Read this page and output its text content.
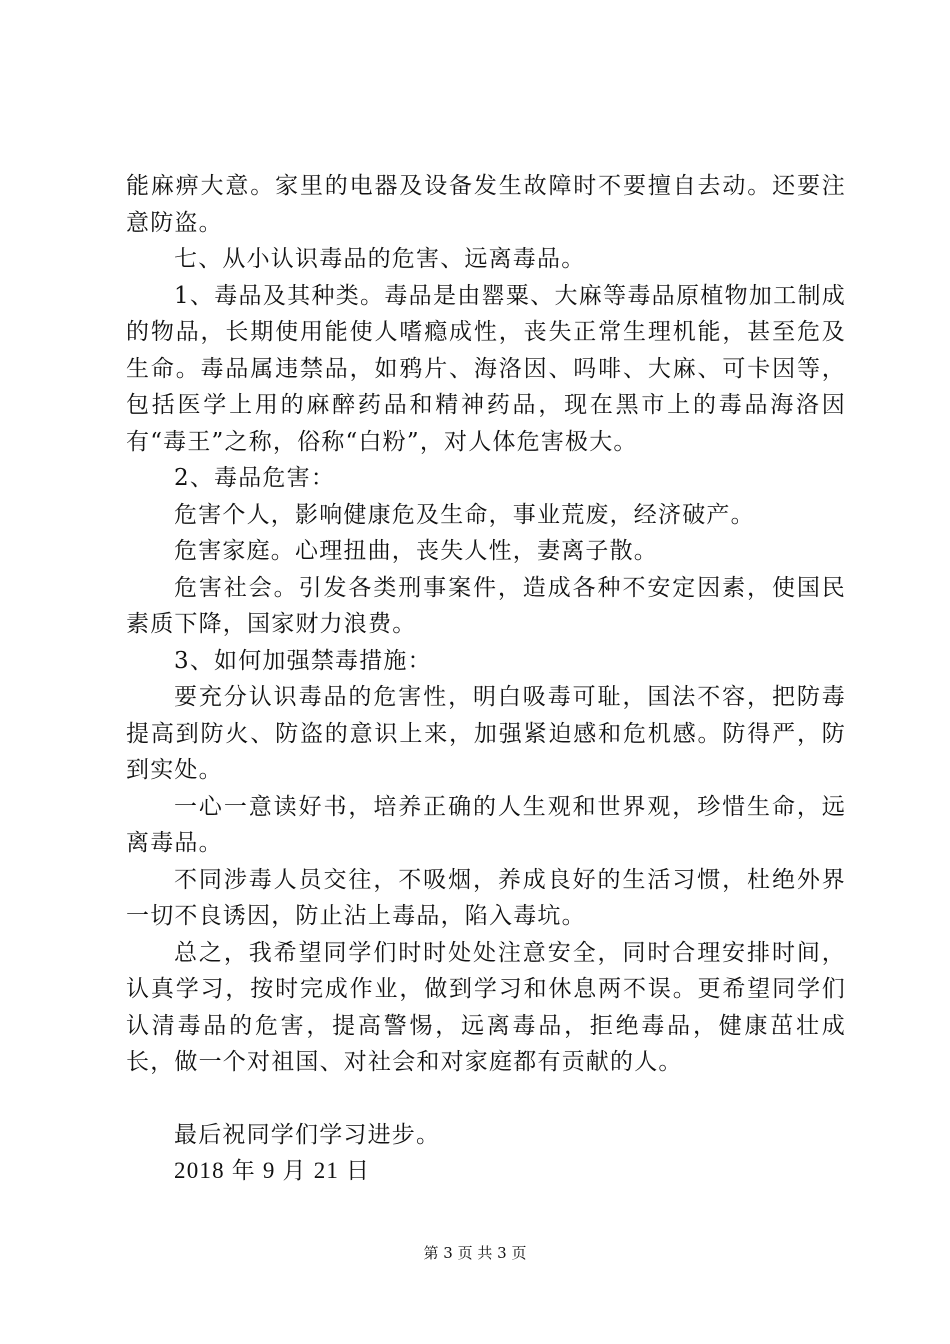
能麻痹大意。家里的电器及设备发生故障时不要擅自去动。还要注意防盗。

七、从小认识毒品的危害、远离毒品。

1、毒品及其种类。毒品是由罂粟、大麻等毒品原植物加工制成的物品，长期使用能使人嗜瘾成性，丧失正常生理机能，甚至危及生命。毒品属违禁品，如鸦片、海洛因、吗啡、大麻、可卡因等，包括医学上用的麻醉药品和精神药品，现在黑市上的毒品海洛因有“毒王”之称，俗称“白粉”，对人体危害极大。

2、毒品危害：

危害个人，影响健康危及生命，事业荒废，经济破产。

危害家庭。心理扭曲，丧失人性，妻离子散。

危害社会。引发各类刑事案件，造成各种不安定因素，使国民素质下降，国家财力浪费。

3、如何加强禁毒措施：

要充分认识毒品的危害性，明白吸毒可耻，国法不容，把防毒提高到防火、防盗的意识上来，加强紧迫感和危机感。防得严，防到实处。

一心一意读好书，培养正确的人生观和世界观，珍惜生命，远离毒品。

不同涉毒人员交往，不吸烟，养成良好的生活习惯，杜绝外界一切不良诱因，防止沾上毒品，陷入毒坑。

总之，我希望同学们时时处处注意安全，同时合理安排时间，认真学习，按时完成作业，做到学习和休息两不误。更希望同学们认清毒品的危害，提高警惕，远离毒品，拒绝毒品，健康茁壮成长，做一个对祖国、对社会和对家庭都有贡献的人。

最后祝同学们学习进步。

2018 年 9 月 21 日

第 3 页 共 3 页
